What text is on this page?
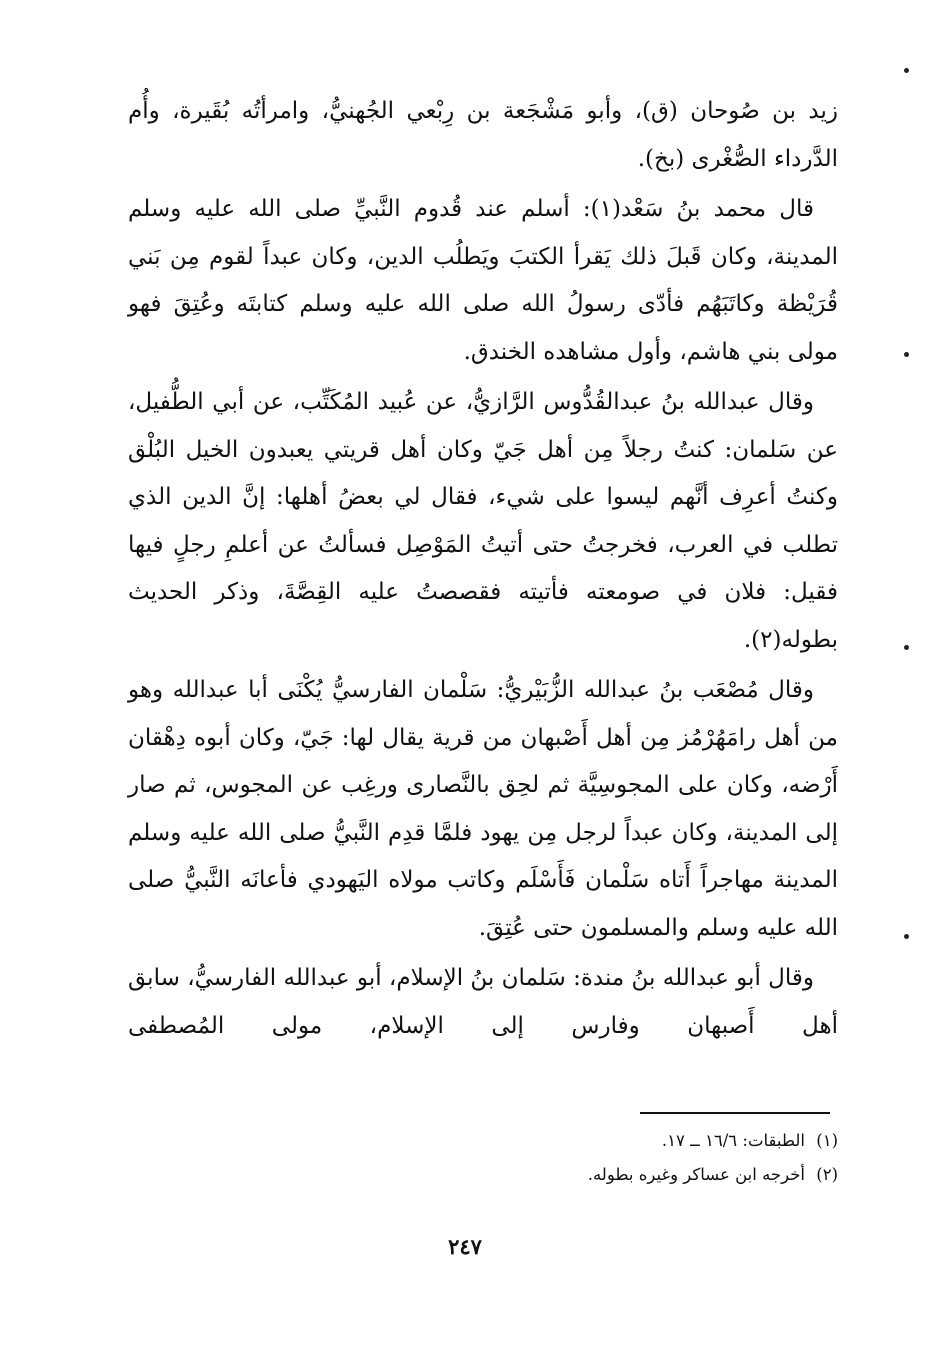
زيد بن صُوحان (ق)، وأبو مَشْجَعة بن رِبْعي الجُهنيُّ، وامرأتُه بُقَيرة، وأُم الدَّرداء الصُّغْرى (بخ).

قال محمد بنُ سَعْد(١): أسلم عند قُدوم النَّبيِّ صلى الله عليه وسلم المدينة، وكان قَبلَ ذلك يَقرأ الكتبَ ويَطلُب الدين، وكان عبداً لقوم مِن بَني قُرَيْظة وكاتَبَهُم فأدّى رسولُ الله صلى الله عليه وسلم كتابتَه وعُتِقَ فهو مولى بني هاشم، وأول مشاهده الخندق.

وقال عبدالله بنُ عبدالقُدُّوس الرَّازيُّ، عن عُبيد المُكَتِّب، عن أبي الطُّفيل، عن سَلمان: كنتُ رجلاً مِن أهل جَيّ وكان أهل قريتي يعبدون الخيل البُلْق وكنتُ أعرِف أنَّهم ليسوا على شيء، فقال لي بعضُ أهلها: إنَّ الدين الذي تطلب في العرب، فخرجتُ حتى أتيتُ المَوْصِل فسألتُ عن أعلمِ رجلٍ فيها فقيل: فلان في صومعته فأتيته فقصصتُ عليه القِصَّةَ، وذكر الحديث بطوله(٢).

وقال مُصْعَب بنُ عبدالله الزُّبَيْريُّ: سَلْمان الفارسيُّ يُكْنَى أبا عبدالله وهو من أهل رامَهُرْمُز مِن أهل أَصْبهان من قرية يقال لها: جَيّ، وكان أبوه دِهْقان أَرْضه، وكان على المجوسِيَّة ثم لحِق بالنَّصارى ورغِب عن المجوس، ثم صار إلى المدينة، وكان عبداً لرجل مِن يهود فلمَّا قدِم النَّبيُّ صلى الله عليه وسلم المدينة مهاجراً أَتاه سَلْمان فَأَسْلَم وكاتب مولاه اليَهودي فأعانَه النَّبيُّ صلى الله عليه وسلم والمسلمون حتى عُتِقَ.

وقال أبو عبدالله بنُ مندة: سَلمان بنُ الإسلام، أبو عبدالله الفارسيُّ، سابق أهل أَصبهان وفارس إلى الإسلام، مولى المُصطفى

(١) الطبقات: ١٦/٦ ــ ١٧.

(٢) أخرجه ابن عساكر وغيره بطوله.

٢٤٧
